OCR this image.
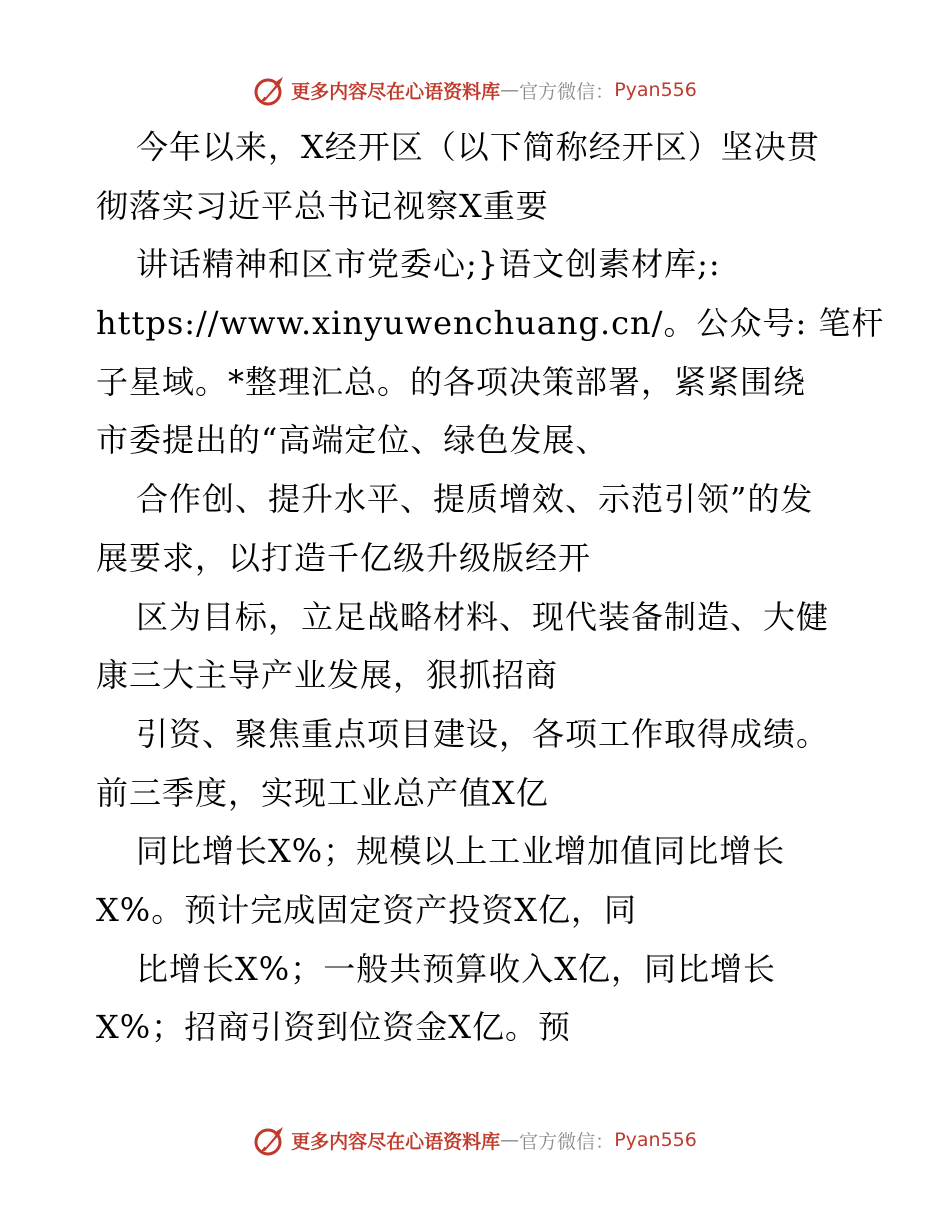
更多内容尽在心语资料库 — 官方微信： Pyan556
今年以来，X经开区（以下简称经开区）坚决贯
彻落实习近平总书记视察X重要
讲话精神和区市党委心;}语文创素材库;:
https://www.xinyuwenchuang.cn/。公众号: 笔杆
子星域。*整理汇总。的各项决策部署，紧紧围绕
市委提出的“高端定位、绿色发展、
合作创、提升水平、提质增效、示范引领”的发
展要求，以打造千亿级升级版经开
区为目标，立足战略材料、现代装备制造、大健
康三大主导产业发展，狠抓招商
引资、聚焦重点项目建设，各项工作取得成绩。
前三季度，实现工业总产值X亿
同比增长X%；规模以上工业增加值同比增长
X%。预计完成固定资产投资X亿，同
比增长X%；一般共预算收入X亿，同比增长
X%；招商引资到位资金X亿。预
更多内容尽在心语资料库 — 官方微信： Pyan556
